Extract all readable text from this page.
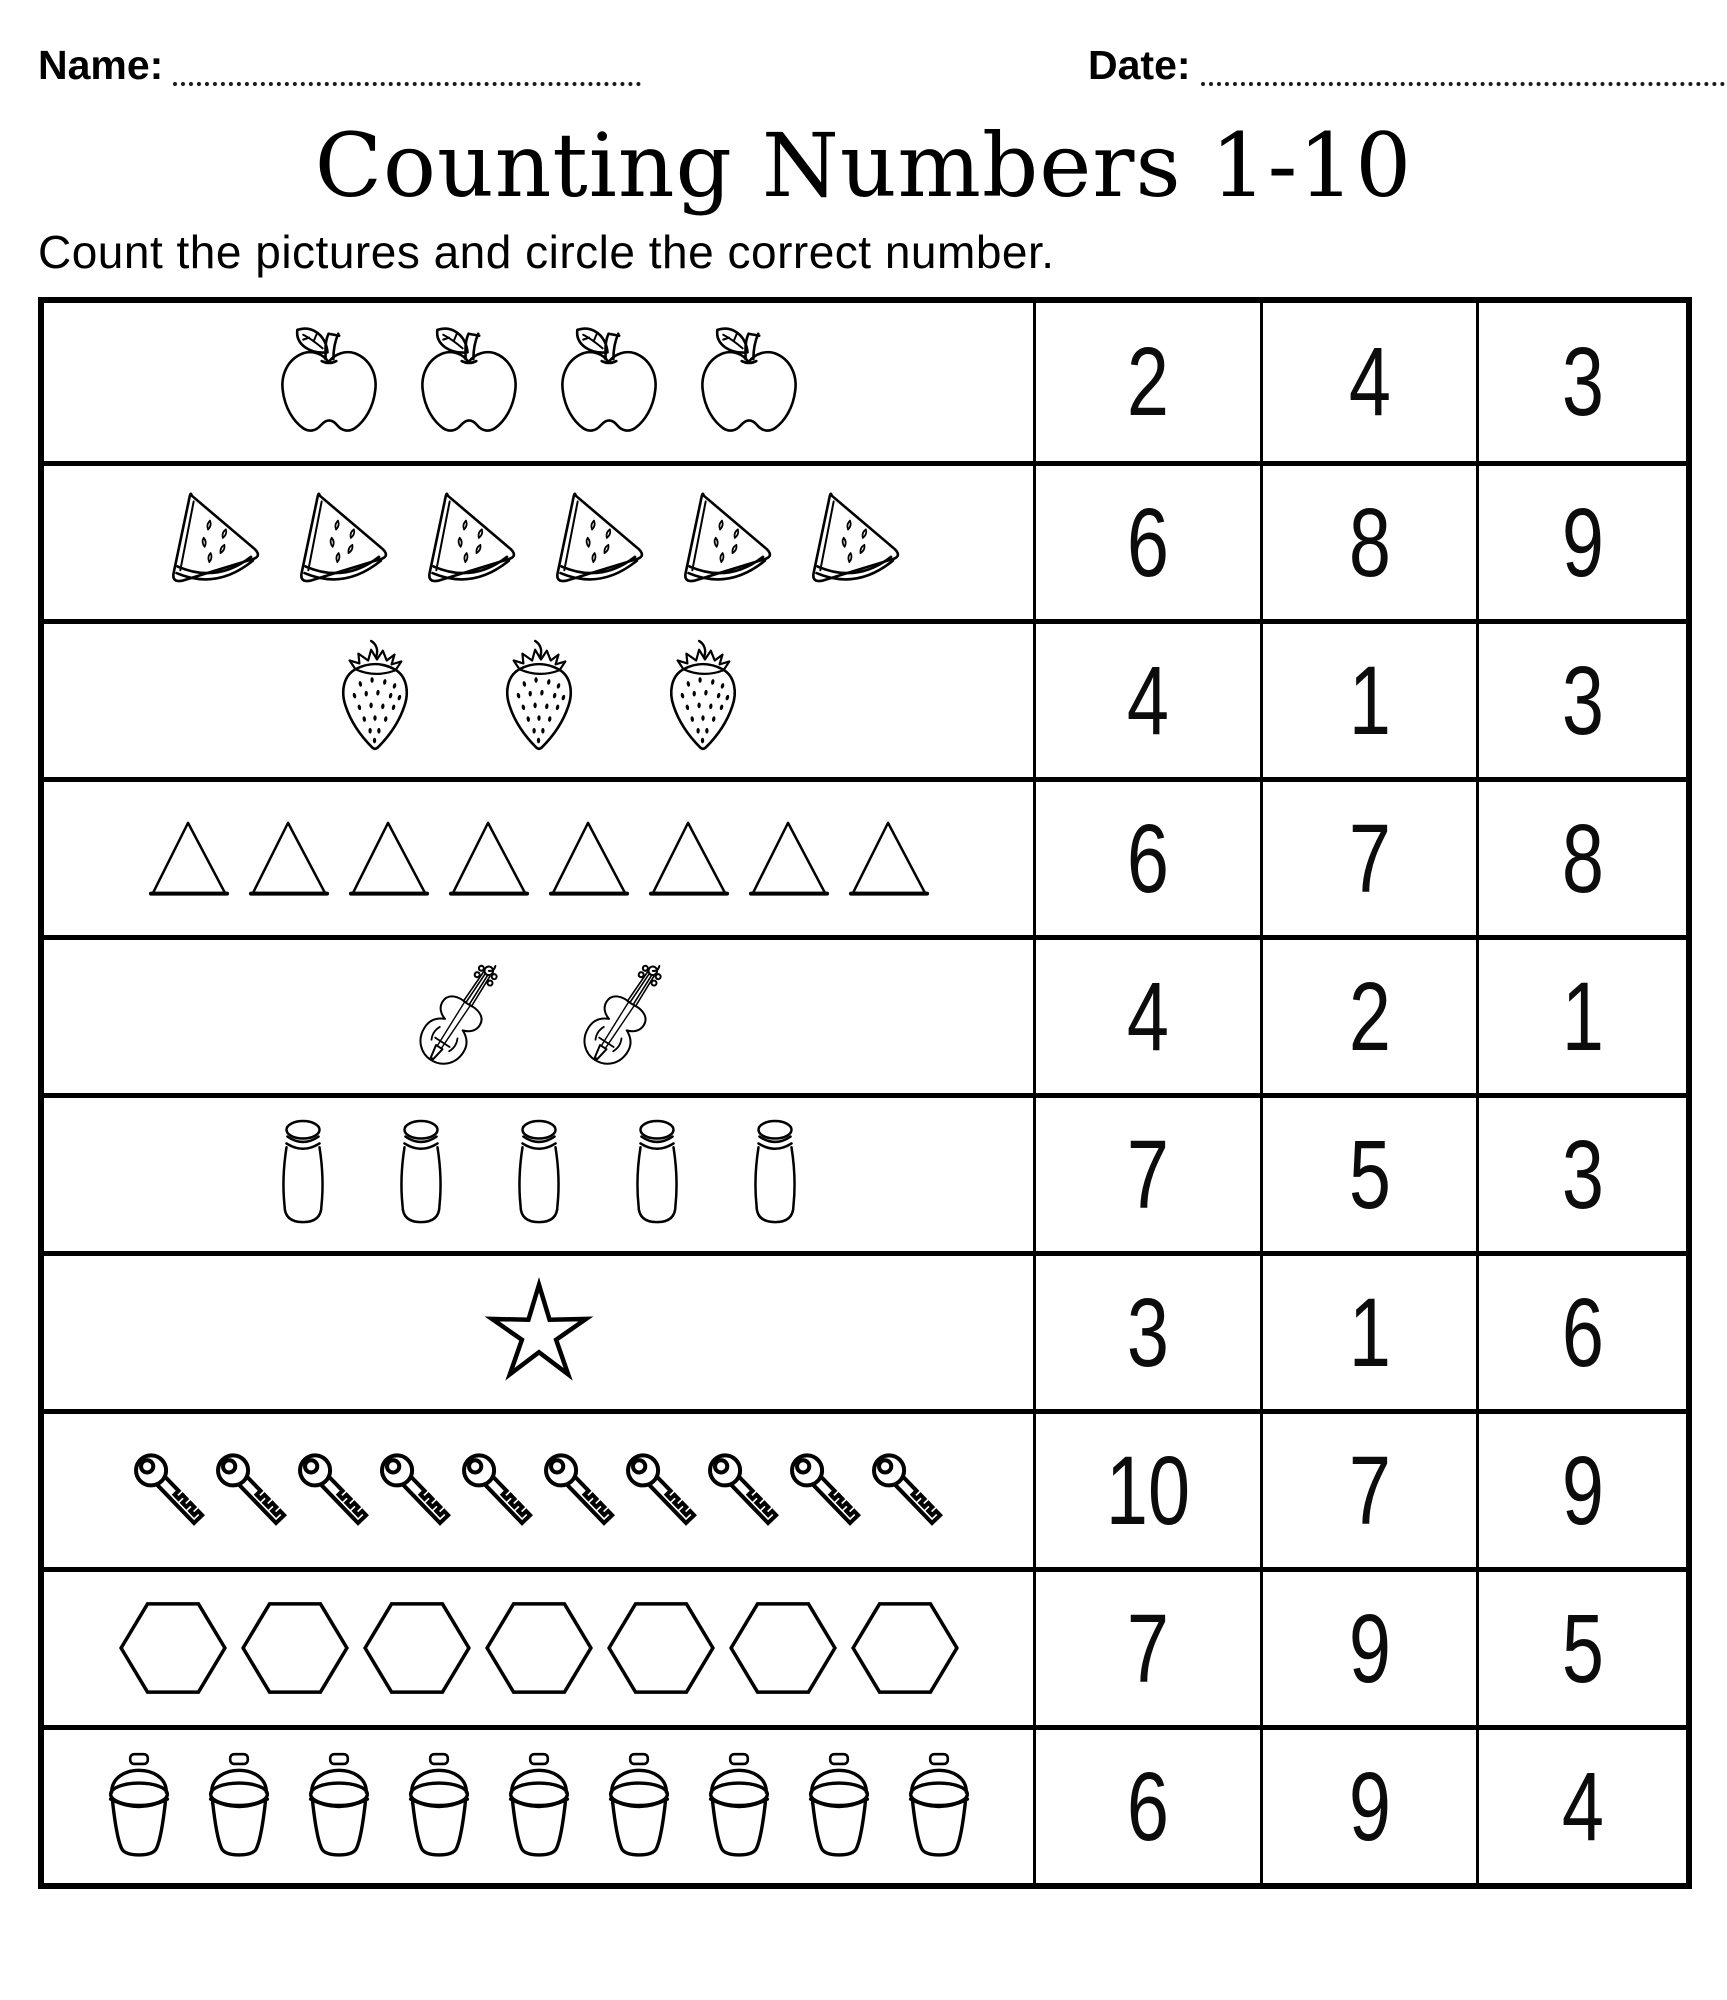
Name:	Date:
Counting Numbers 1-10

Count the pictures and circle the correct number.

2 4 3
6 8 9
4 1 3
6 7 8
4 2 1
7 5 3
3 1 6
10 7 9
7 9 5
6 9 4
